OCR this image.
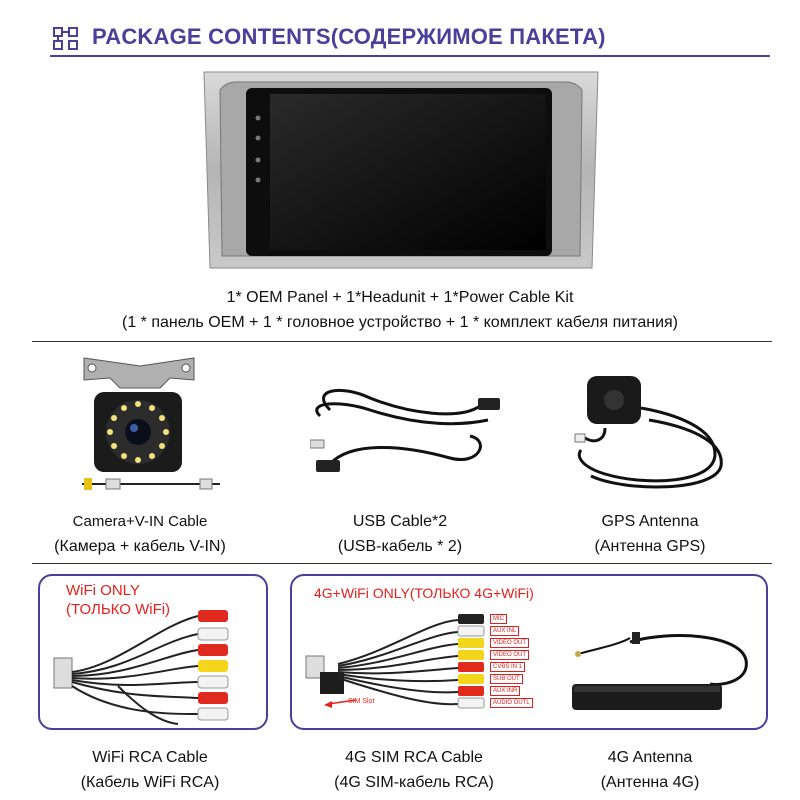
PACKAGE CONTENTS(СОДЕРЖИМОЕ ПАКЕТА)
1* OEM Panel + 1*Headunit + 1*Power Cable Kit
(1 * панель OEM + 1 * головное устройство + 1 * комплект кабеля питания)
Camera+V-IN Cable
(Камера + кабель V-IN)
USB Cable*2
(USB-кабель * 2)
GPS Antenna
(Антенна GPS)
WiFi ONLY
(ТОЛЬКО WiFi)
WiFi RCA Cable
(Кабель WiFi RCA)
4G+WiFi ONLY(ТОЛЬКО 4G+WiFi)
SIM Slot
MIC
AUX INL
VIDEO OUT
VIDEO OUT
CVBS IN 1
SUB OUT
AUX INR
AUDIO OUTL
4G SIM RCA Cable
(4G SIM-кабель RCA)
4G Antenna
(Антенна 4G)
